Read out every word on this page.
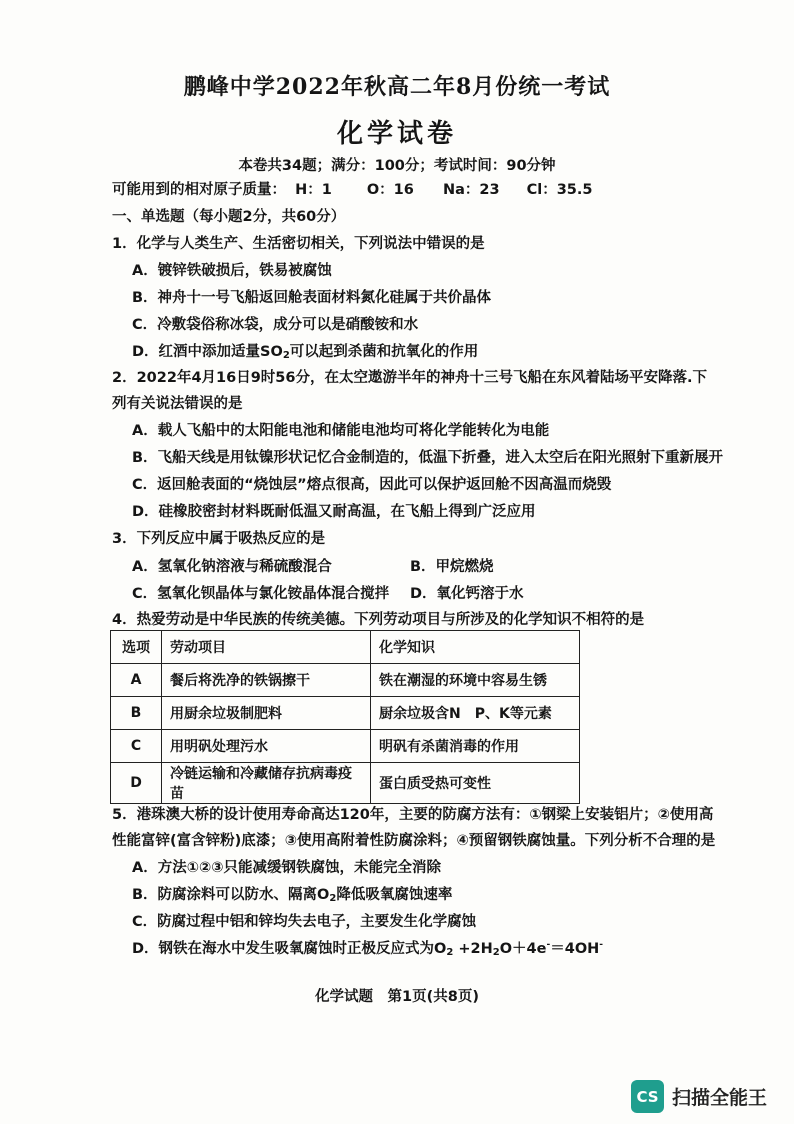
鹏峰中学2022年秋高二年8月份统一考试
化学试卷
本卷共34题；满分：100分；考试时间：90分钟
可能用到的相对原子质量： H：1 O：16 Na：23 Cl：35.5
一、单选题（每小题2分，共60分）
1．化学与人类生产、生活密切相关，下列说法中错误的是
A．镀锌铁破损后，铁易被腐蚀
B．神舟十一号飞船返回舱表面材料氮化硅属于共价晶体
C．冷敷袋俗称冰袋，成分可以是硝酸铵和水
D．红酒中添加适量SO2可以起到杀菌和抗氧化的作用
2．2022年4月16日9时56分，在太空遨游半年的神舟十三号飞船在东风着陆场平安降落.下
列有关说法错误的是
A．载人飞船中的太阳能电池和储能电池均可将化学能转化为电能
B．飞船天线是用钛镍形状记忆合金制造的，低温下折叠，进入太空后在阳光照射下重新展开
C．返回舱表面的“烧蚀层”熔点很高，因此可以保护返回舱不因高温而烧毁
D．硅橡胶密封材料既耐低温又耐高温，在飞船上得到广泛应用
3．下列反应中属于吸热反应的是
A．氢氧化钠溶液与稀硫酸混合	B．甲烷燃烧
C．氢氧化钡晶体与氯化铵晶体混合搅拌 D．氧化钙溶于水
4．热爱劳动是中华民族的传统美德。下列劳动项目与所涉及的化学知识不相符的是
选项	劳动项目	化学知识
A	餐后将洗净的铁锅擦干	铁在潮湿的环境中容易生锈
B	用厨余垃圾制肥料	厨余垃圾含N　P、K等元素
C	用明矾处理污水	明矾有杀菌消毒的作用
D	冷链运输和冷藏储存抗病毒疫苗	蛋白质受热可变性
5．港珠澳大桥的设计使用寿命高达120年，主要的防腐方法有：①钢梁上安装铝片；②使用高
性能富锌(富含锌粉)底漆；③使用高附着性防腐涂料；④预留钢铁腐蚀量。下列分析不合理的是
A．方法①②③只能减缓钢铁腐蚀，未能完全消除
B．防腐涂料可以防水、隔离O2降低吸氧腐蚀速率
C．防腐过程中铝和锌均失去电子，主要发生化学腐蚀
D．钢铁在海水中发生吸氧腐蚀时正极反应式为O2 +2H2O＋4e-＝4OH-
化学试题　第1页(共8页)
CS 扫描全能王
